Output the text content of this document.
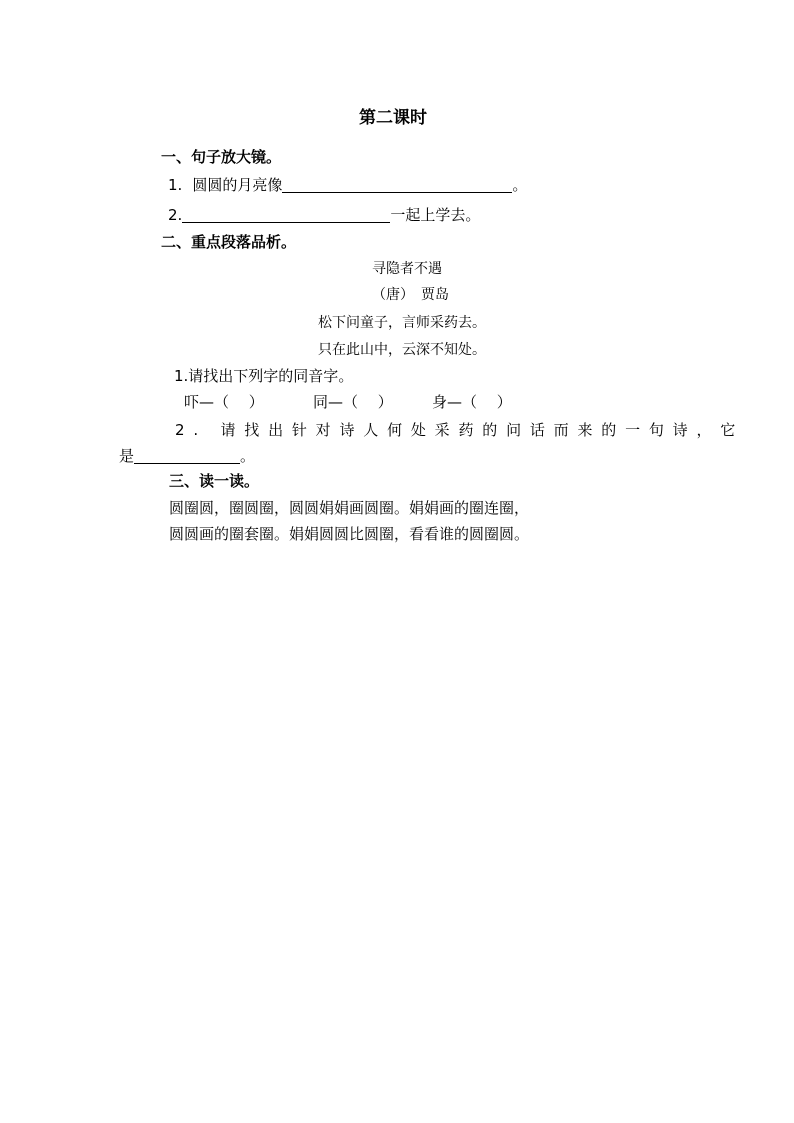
第二课时
一、句子放大镜。
1. 圆圆的月亮像	。
2.	一起上学去。
二、重点段落品析。
寻隐者不遇
（唐）　贾岛
松下问童子，言师采药去。
只在此山中，云深不知处。
1.请找出下列字的同音字。
吓—（　 ）	同—（　 ）	身—（　 ）
2. 请找出针对诗人何处采药的问话而来的一句诗，它
是	。
三、读一读。
圆圈圆，圈圆圈，圆圆娟娟画圆圈。娟娟画的圈连圈，
圆圆画的圈套圈。娟娟圆圆比圆圈，看看谁的圆圈圆。
